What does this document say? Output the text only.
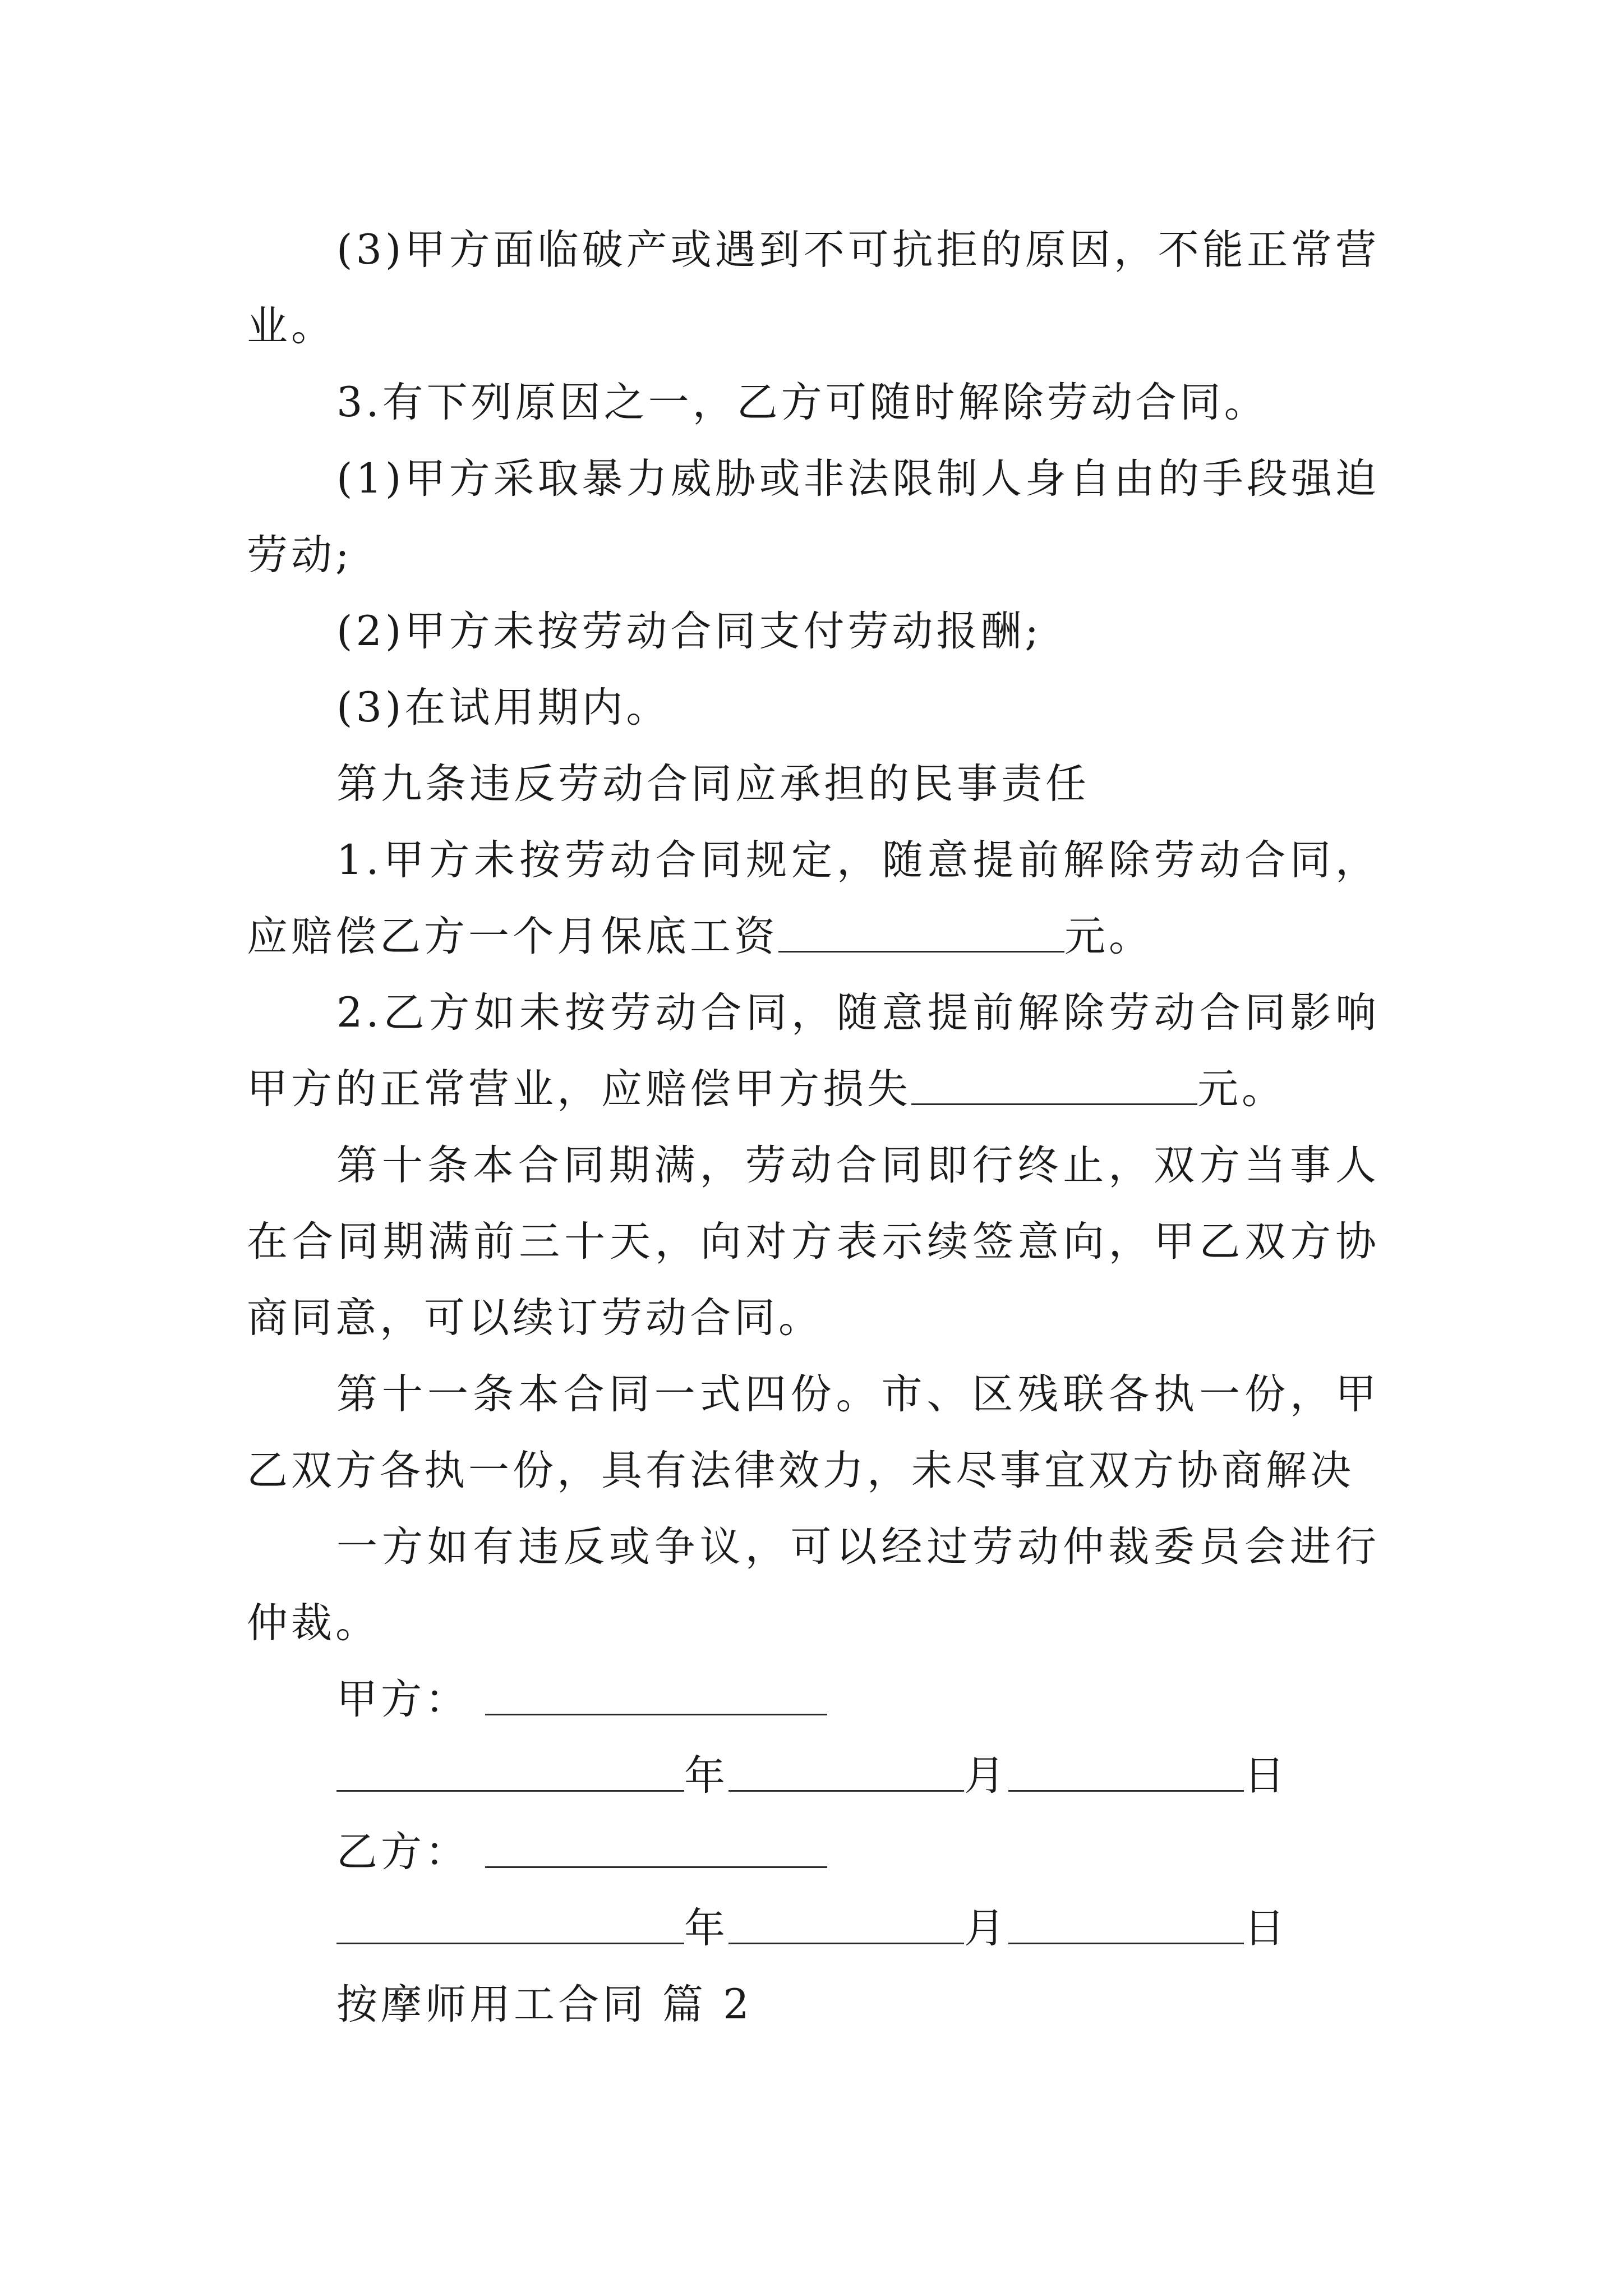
(3)甲方面临破产或遇到不可抗拒的原因，不能正常营业。

3.有下列原因之一，乙方可随时解除劳动合同。

(1)甲方采取暴力威胁或非法限制人身自由的手段强迫劳动;

(2)甲方未按劳动合同支付劳动报酬;

(3)在试用期内。

第九条违反劳动合同应承担的民事责任

1.甲方未按劳动合同规定，随意提前解除劳动合同，应赔偿乙方一个月保底工资	元。

2.乙方如未按劳动合同，随意提前解除劳动合同影响甲方的正常营业，应赔偿甲方损失	元。

第十条本合同期满，劳动合同即行终止，双方当事人在合同期满前三十天，向对方表示续签意向，甲乙双方协商同意，可以续订劳动合同。

第十一条本合同一式四份。市、区残联各执一份，甲乙双方各执一份，具有法律效力，未尽事宜双方协商解决

一方如有违反或争议，可以经过劳动仲裁委员会进行仲裁。

甲方：

年	月	日

乙方：

年	月	日

按摩师用工合同 篇 2
